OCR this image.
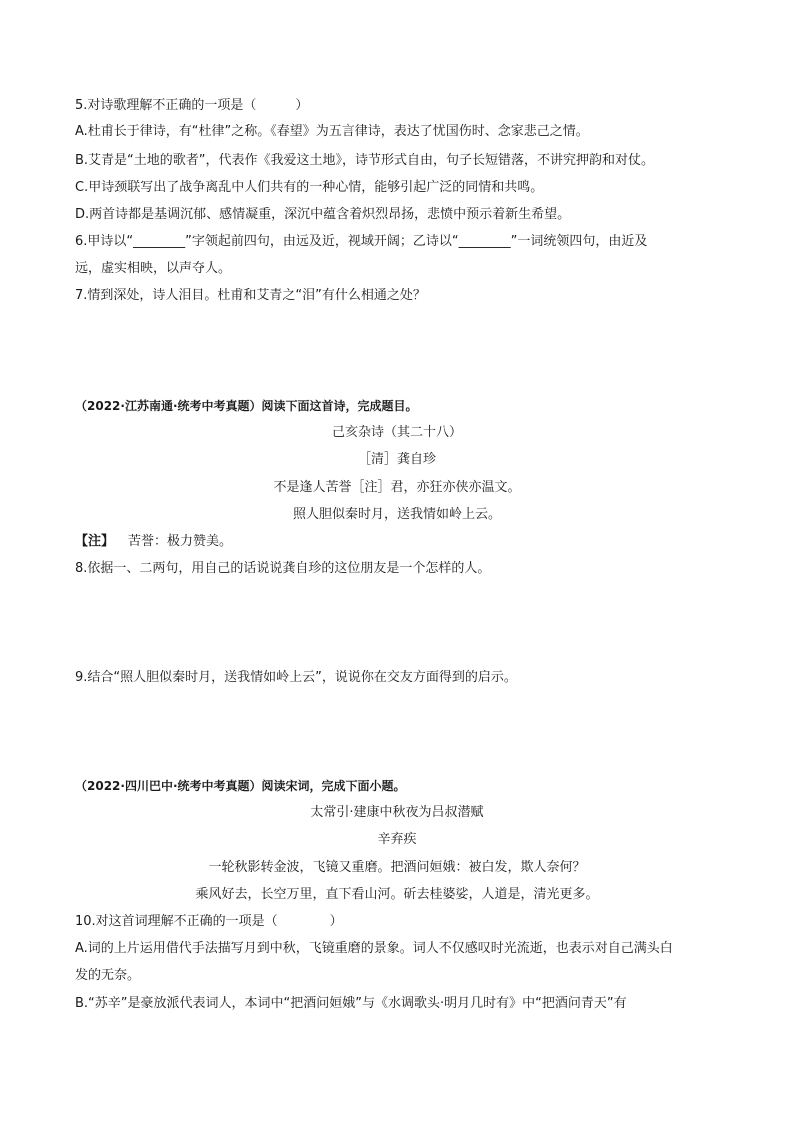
5.对诗歌理解不正确的一项是（　　　）
A.杜甫长于律诗，有“杜律”之称。《春望》为五言律诗，表达了忧国伤时、念家悲己之情。
B.艾青是“土地的歌者”，代表作《我爱这土地》，诗节形式自由，句子长短错落，不讲究押韵和对仗。
C.甲诗颈联写出了战争离乱中人们共有的一种心情，能够引起广泛的同情和共鸣。
D.两首诗都是基调沉郁、感情凝重，深沉中蕴含着炽烈昂扬，悲愤中预示着新生希望。
6.甲诗以“________”字领起前四句，由远及近，视域开阔；乙诗以“________”一词统领四句，由近及
远，虚实相映，以声夺人。
7.情到深处，诗人泪目。杜甫和艾青之“泪”有什么相通之处？
（2022·江苏南通·统考中考真题）阅读下面这首诗，完成题目。
己亥杂诗（其二十八）
［清］龚自珍
不是逢人苦誉［注］君，亦狂亦侠亦温文。
照人胆似秦时月，送我情如岭上云。
【注】 苦誉：极力赞美。
8.依据一、二两句，用自己的话说说龚自珍的这位朋友是一个怎样的人。
9.结合“照人胆似秦时月，送我情如岭上云”，说说你在交友方面得到的启示。
（2022·四川巴中·统考中考真题）阅读宋词，完成下面小题。
太常引·建康中秋夜为吕叔潜赋
辛弃疾
一轮秋影转金波，飞镜又重磨。把酒问姮娥：被白发，欺人奈何？
乘风好去，长空万里，直下看山河。斫去桂婆娑，人道是，清光更多。
10.对这首词理解不正确的一项是（　　　　）
A.词的上片运用借代手法描写月到中秋，飞镜重磨的景象。词人不仅感叹时光流逝，也表示对自己满头白
发的无奈。
B.“苏辛”是豪放派代表词人，本词中“把酒问姮娥”与《水调歌头·明月几时有》中“把酒问青天”有
